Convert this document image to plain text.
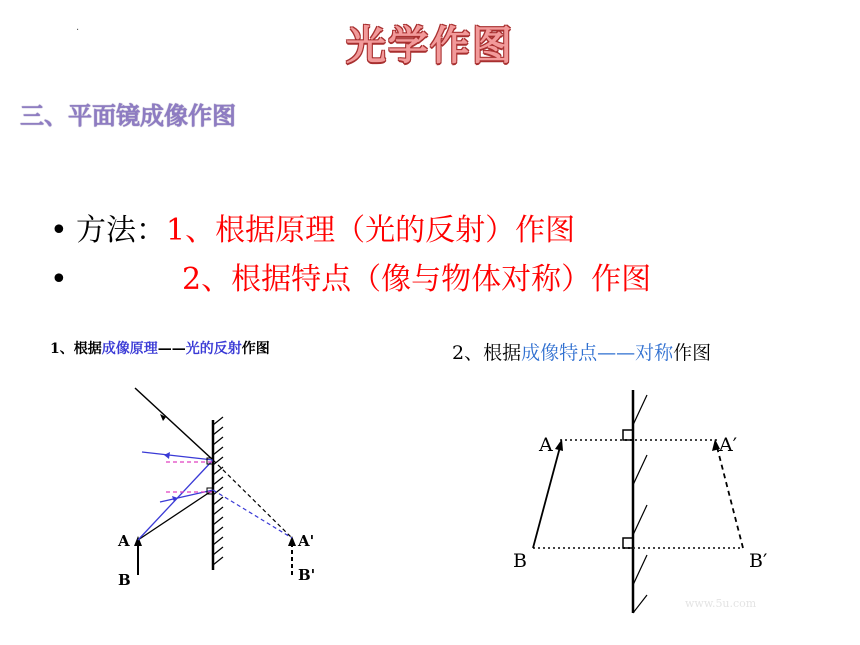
.	光学作图
三、平面镜成像作图
• 方法：1、根据原理（光的反射）作图
•	2、根据特点（像与物体对称）作图
1、根据成像原理——光的反射作图	2、根据成像特点——对称作图
A
B
A'
B'
A
B
A′
B′
www.5u.com
